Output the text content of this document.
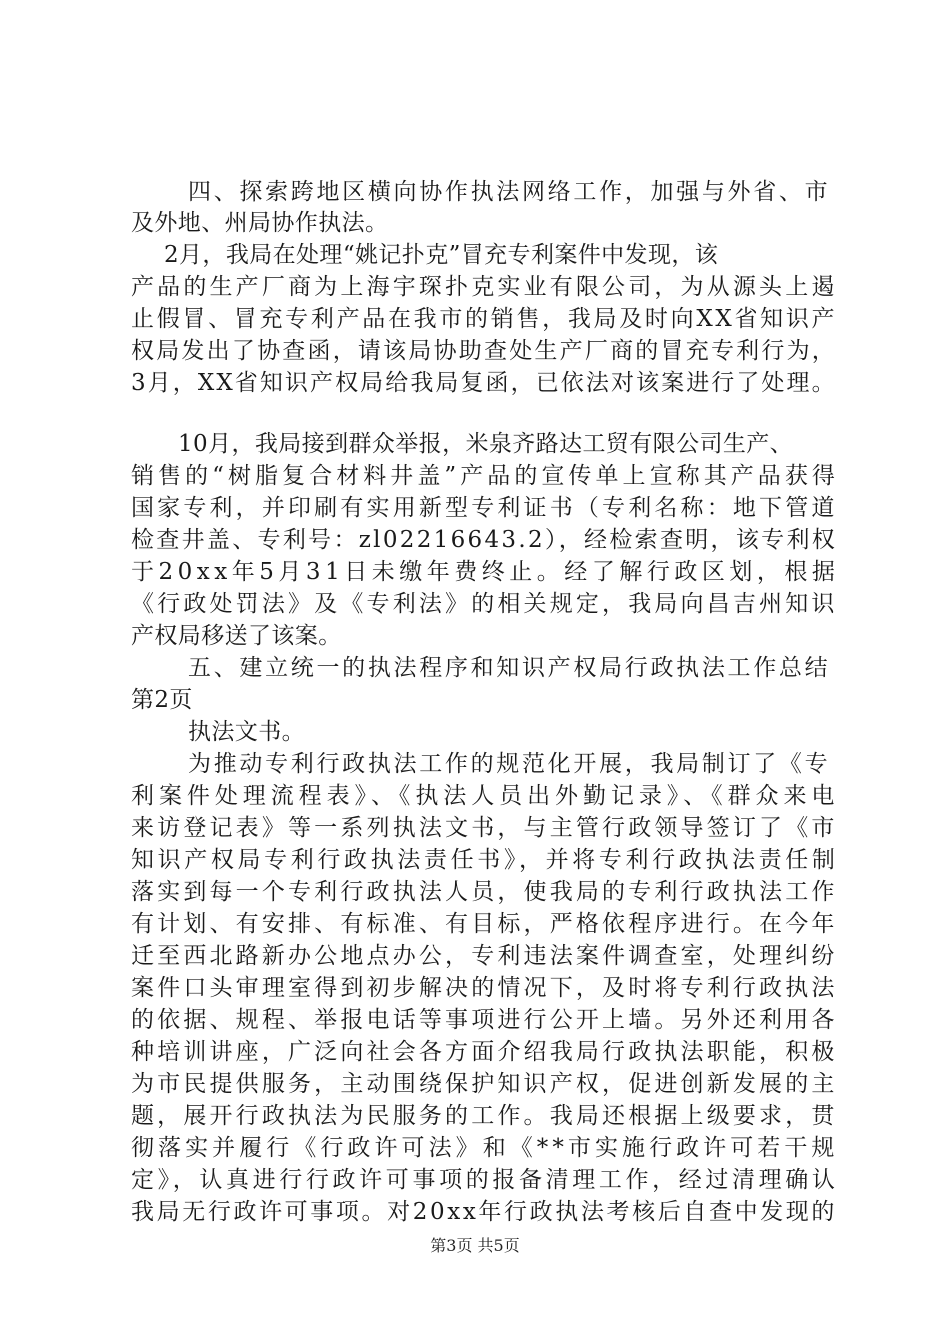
四、探索跨地区横向协作执法网络工作，加强与外省、市
及外地、州局协作执法。
2月，我局在处理“姚记扑克”冒充专利案件中发现，该
产品的生产厂商为上海宇琛扑克实业有限公司，为从源头上遏
止假冒、冒充专利产品在我市的销售，我局及时向XX省知识产
权局发出了协查函，请该局协助查处生产厂商的冒充专利行为，
3月，XX省知识产权局给我局复函，已依法对该案进行了处理。
10月，我局接到群众举报，米泉齐路达工贸有限公司生产、
销售的“树脂复合材料井盖”产品的宣传单上宣称其产品获得
国家专利，并印刷有实用新型专利证书（专利名称：地下管道
检查井盖、专利号：zl02216643.2），经检索查明，该专利权
于20xx年5月31日未缴年费终止。经了解行政区划，根据
《行政处罚法》及《专利法》的相关规定，我局向昌吉州知识
产权局移送了该案。
五、建立统一的执法程序和知识产权局行政执法工作总结
第2页
执法文书。
为推动专利行政执法工作的规范化开展，我局制订了《专
利案件处理流程表》、《执法人员出外勤记录》、《群众来电
来访登记表》等一系列执法文书，与主管行政领导签订了《市
知识产权局专利行政执法责任书》，并将专利行政执法责任制
落实到每一个专利行政执法人员，使我局的专利行政执法工作
有计划、有安排、有标准、有目标，严格依程序进行。在今年
迁至西北路新办公地点办公，专利违法案件调查室，处理纠纷
案件口头审理室得到初步解决的情况下，及时将专利行政执法
的依据、规程、举报电话等事项进行公开上墙。另外还利用各
种培训讲座，广泛向社会各方面介绍我局行政执法职能，积极
为市民提供服务，主动围绕保护知识产权，促进创新发展的主
题，展开行政执法为民服务的工作。我局还根据上级要求，贯
彻落实并履行《行政许可法》和《**市实施行政许可若干规
定》，认真进行行政许可事项的报备清理工作，经过清理确认
我局无行政许可事项。对20xx年行政执法考核后自查中发现的
第3页 共5页
